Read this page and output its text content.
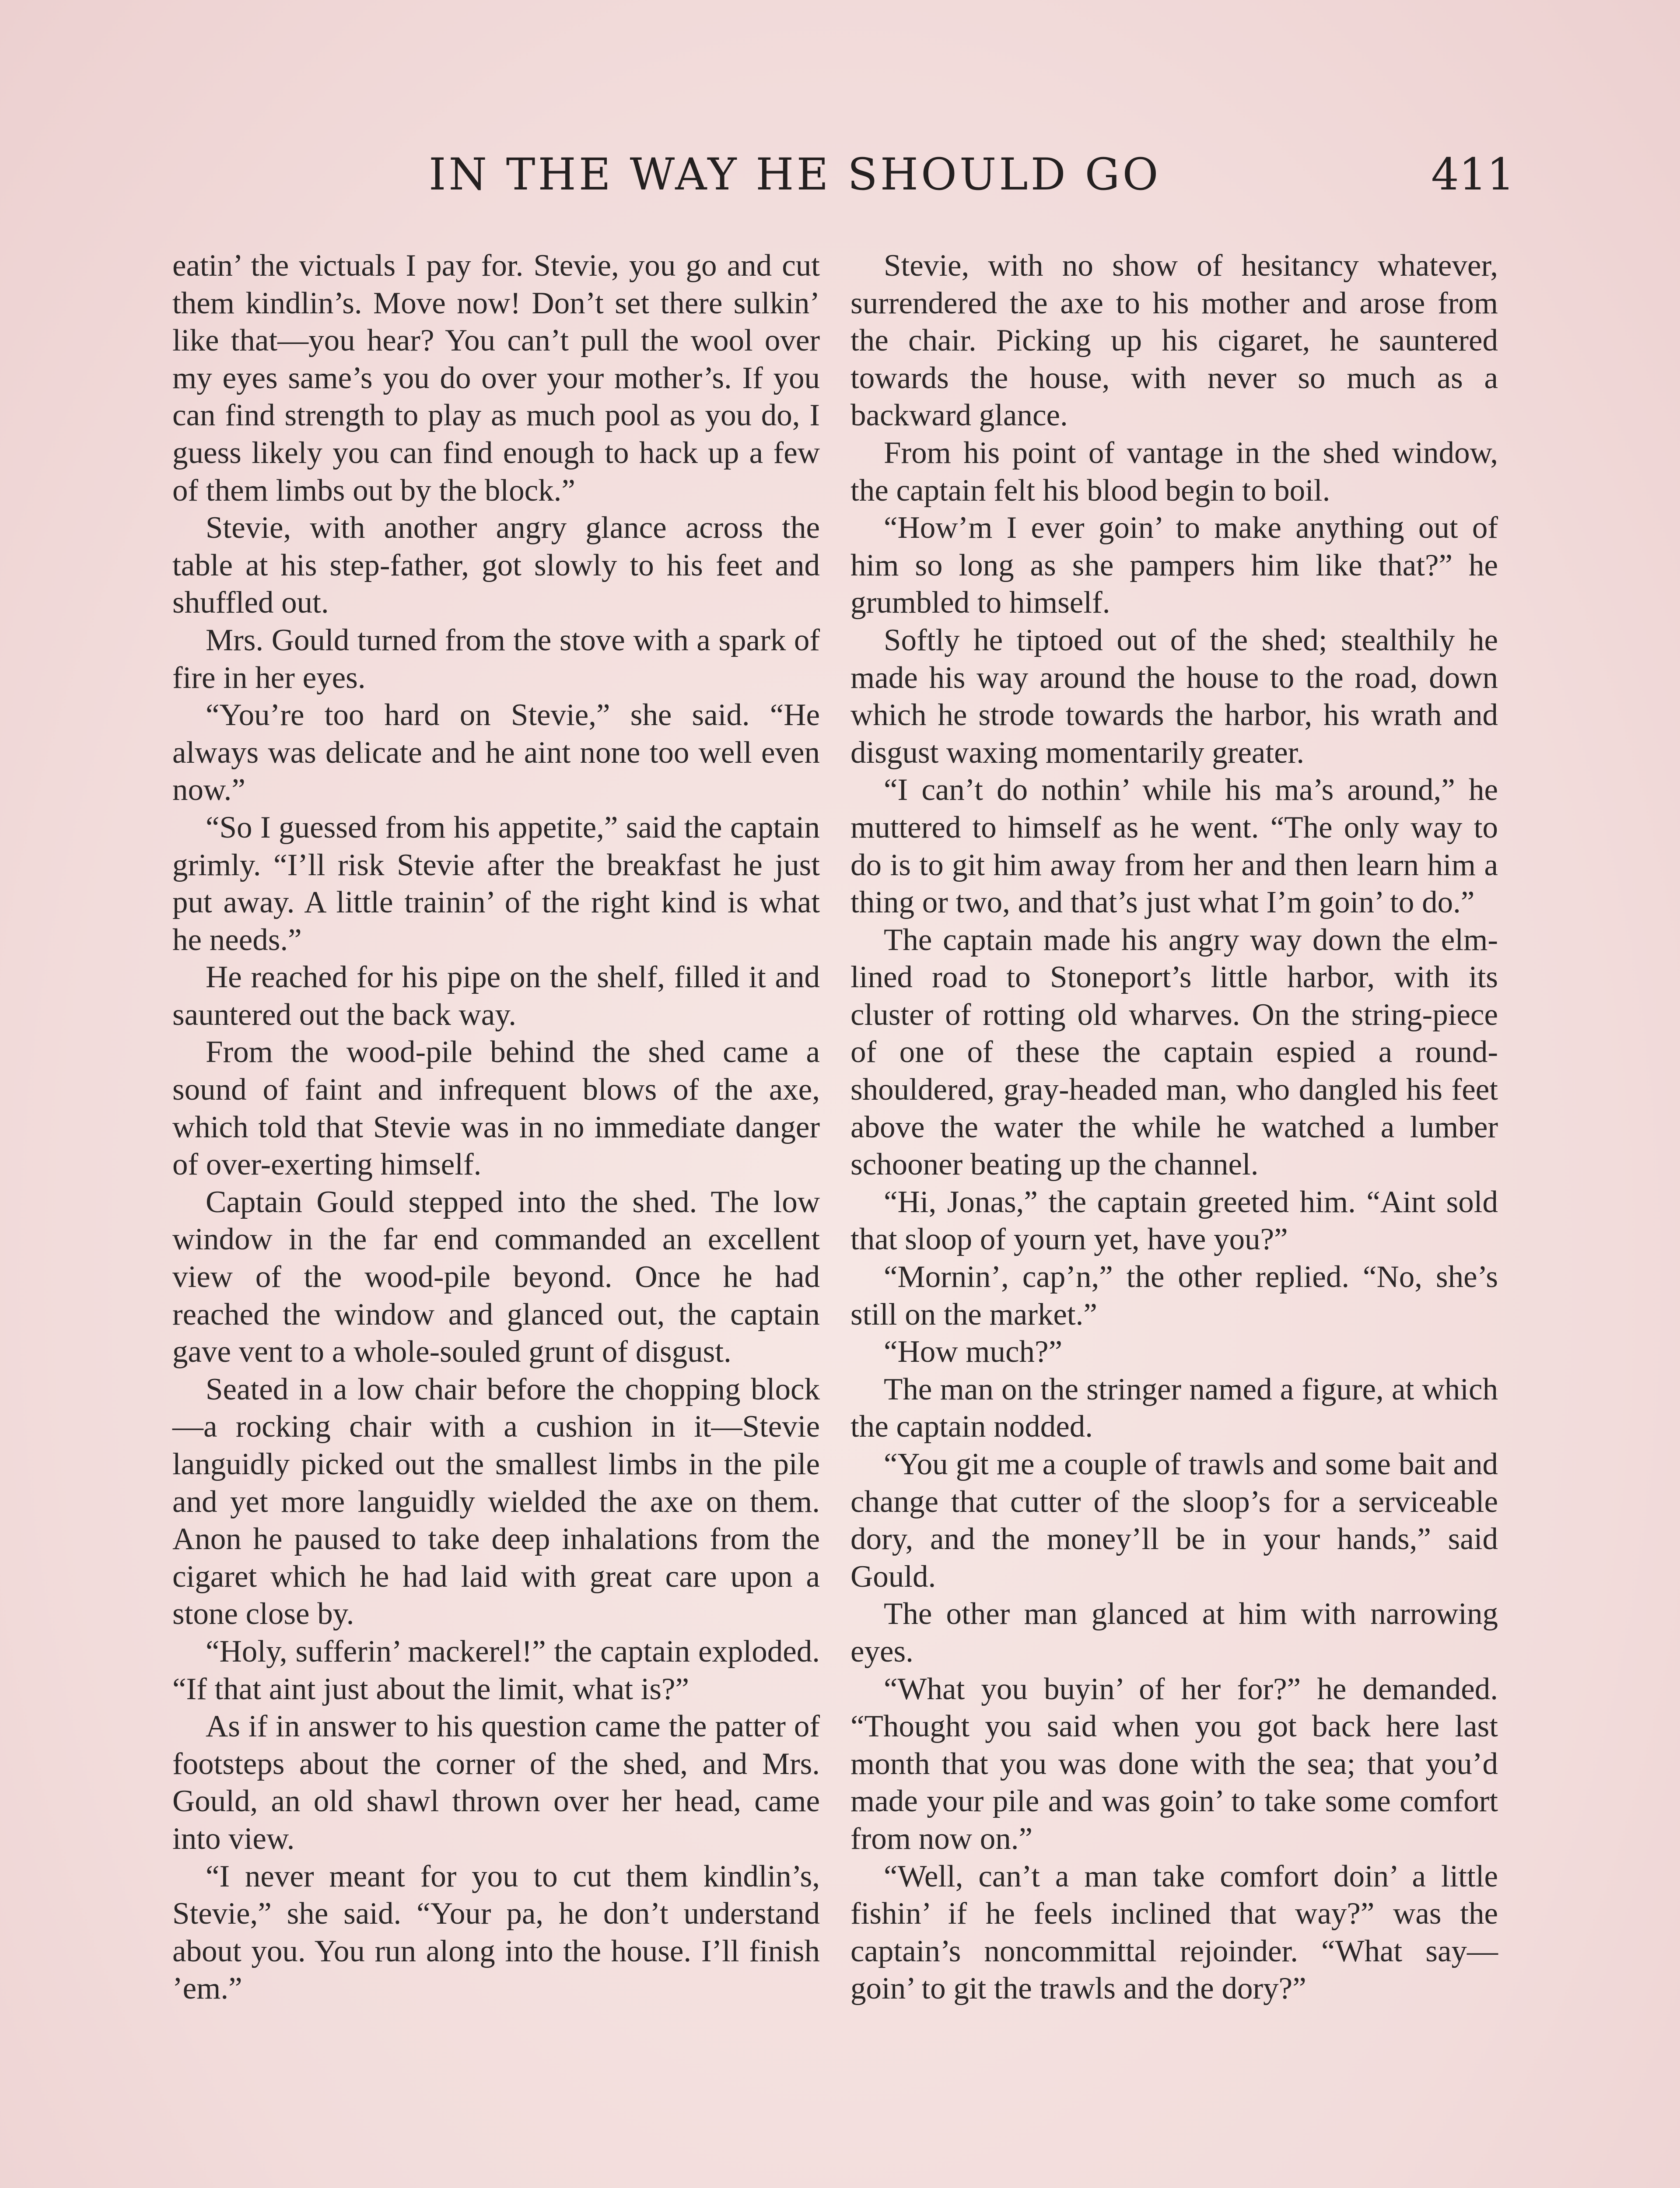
IN THE WAY HE SHOULD GO	411

eatin’ the victuals I pay for. Stevie, you go and cut them kindlin’s. Move now! Don’t set there sulkin’ like that—you hear? You can’t pull the wool over my eyes same’s you do over your mother’s. If you can find strength to play as much pool as you do, I guess likely you can find enough to hack up a few of them limbs out by the block.”

Stevie, with another angry glance across the table at his step-father, got slowly to his feet and shuffled out.

Mrs. Gould turned from the stove with a spark of fire in her eyes.

“You’re too hard on Stevie,” she said. “He always was delicate and he aint none too well even now.”

“So I guessed from his appetite,” said the captain grimly. “I’ll risk Stevie after the breakfast he just put away. A little trainin’ of the right kind is what he needs.”

He reached for his pipe on the shelf, filled it and sauntered out the back way.

From the wood-pile behind the shed came a sound of faint and infrequent blows of the axe, which told that Stevie was in no immediate danger of over-exerting himself.

Captain Gould stepped into the shed. The low window in the far end commanded an excellent view of the wood-pile beyond. Once he had reached the window and glanced out, the captain gave vent to a whole-souled grunt of disgust.

Seated in a low chair before the chopping block—a rocking chair with a cushion in it—Stevie languidly picked out the smallest limbs in the pile and yet more languidly wielded the axe on them. Anon he paused to take deep inhalations from the cigaret which he had laid with great care upon a stone close by.

“Holy, sufferin’ mackerel!” the captain exploded. “If that aint just about the limit, what is?”

As if in answer to his question came the patter of footsteps about the corner of the shed, and Mrs. Gould, an old shawl thrown over her head, came into view.

“I never meant for you to cut them kindlin’s, Stevie,” she said. “Your pa, he don’t understand about you. You run along into the house. I’ll finish ’em.”

Stevie, with no show of hesitancy whatever, surrendered the axe to his mother and arose from the chair. Picking up his cigaret, he sauntered towards the house, with never so much as a backward glance.

From his point of vantage in the shed window, the captain felt his blood begin to boil.

“How’m I ever goin’ to make anything out of him so long as she pampers him like that?” he grumbled to himself.

Softly he tiptoed out of the shed; stealthily he made his way around the house to the road, down which he strode towards the harbor, his wrath and disgust waxing momentarily greater.

“I can’t do nothin’ while his ma’s around,” he muttered to himself as he went. “The only way to do is to git him away from her and then learn him a thing or two, and that’s just what I’m goin’ to do.”

The captain made his angry way down the elm-lined road to Stoneport’s little harbor, with its cluster of rotting old wharves. On the string-piece of one of these the captain espied a round-shouldered, gray-headed man, who dangled his feet above the water the while he watched a lumber schooner beating up the channel.

“Hi, Jonas,” the captain greeted him. “Aint sold that sloop of yourn yet, have you?”

“Mornin’, cap’n,” the other replied. “No, she’s still on the market.”

“How much?”

The man on the stringer named a figure, at which the captain nodded.

“You git me a couple of trawls and some bait and change that cutter of the sloop’s for a serviceable dory, and the money’ll be in your hands,” said Gould.

The other man glanced at him with narrowing eyes.

“What you buyin’ of her for?” he demanded. “Thought you said when you got back here last month that you was done with the sea; that you’d made your pile and was goin’ to take some comfort from now on.”

“Well, can’t a man take comfort doin’ a little fishin’ if he feels inclined that way?” was the captain’s noncommittal rejoinder. “What say—goin’ to git the trawls and the dory?”
